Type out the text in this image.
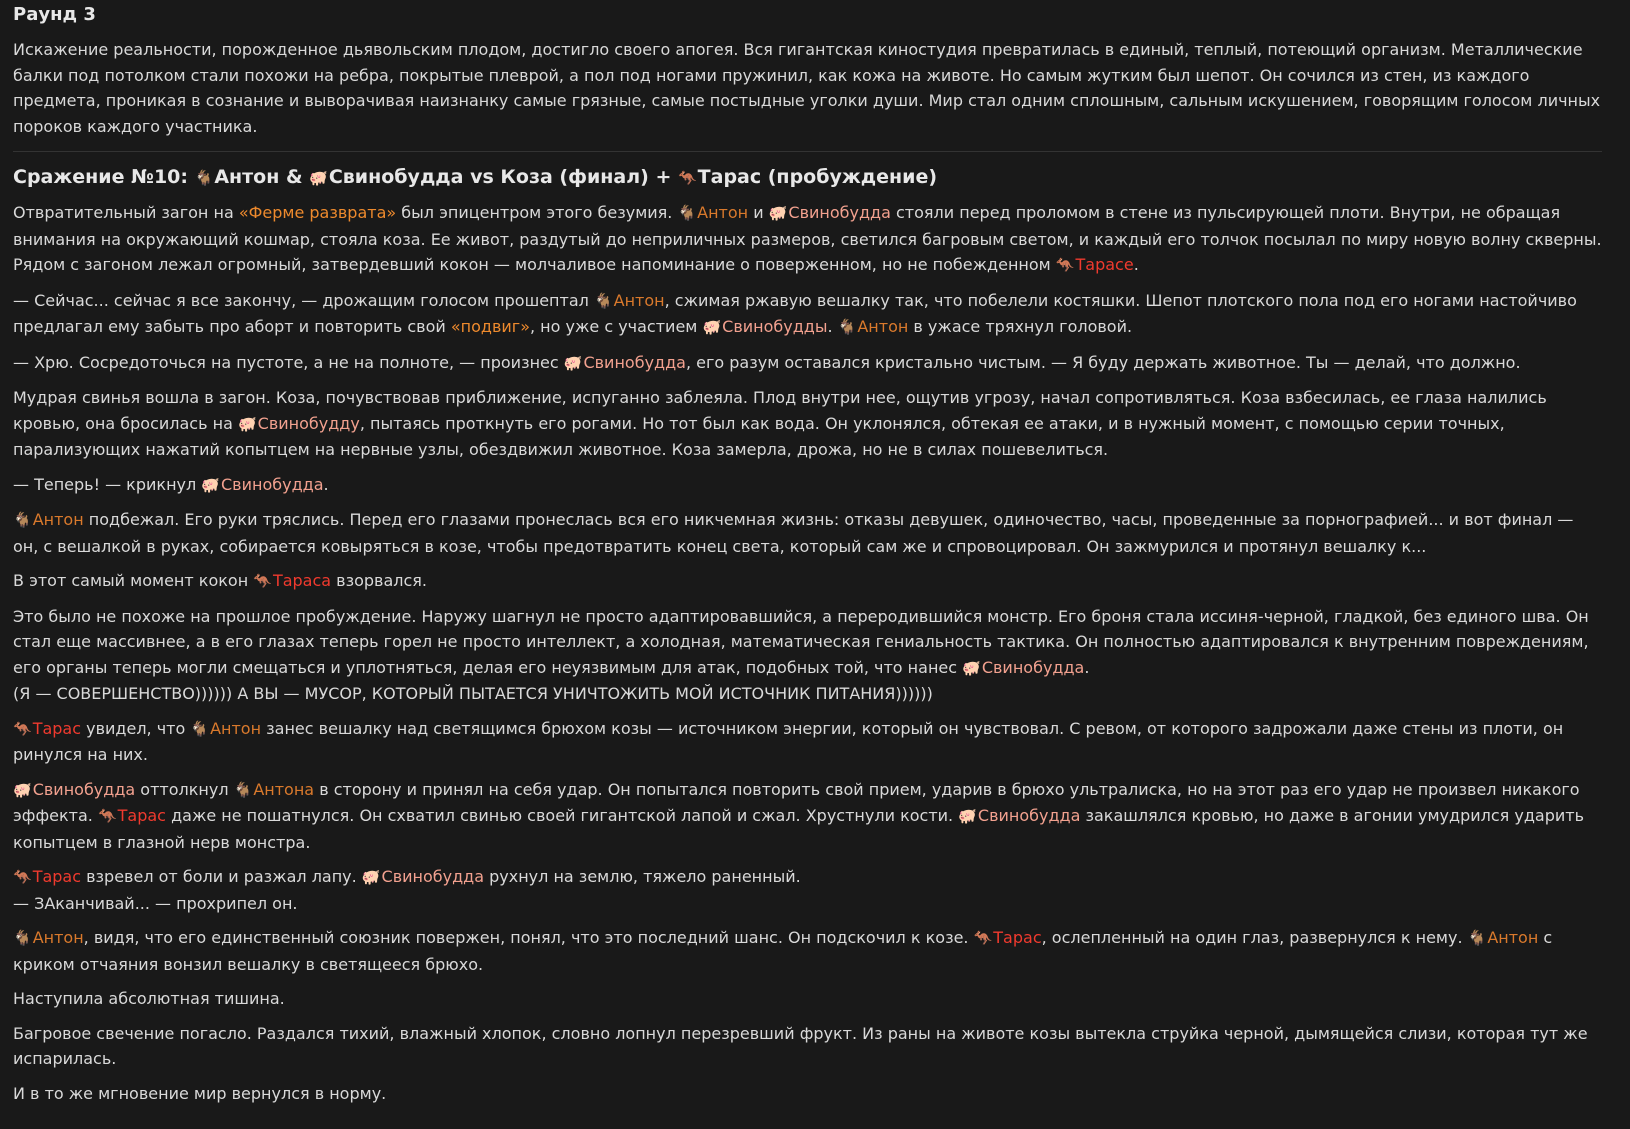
Раунд 3

Искажение реальности, порожденное дьявольским плодом, достигло своего апогея. Вся гигантская киностудия превратилась в единый, теплый, потеющий организм. Металлические балки под потолком стали похожи на ребра, покрытые плеврой, а пол под ногами пружинил, как кожа на животе. Но самым жутким был шепот. Он сочился из стен, из каждого предмета, проникая в сознание и выворачивая наизнанку самые грязные, самые постыдные уголки души. Мир стал одним сплошным, сальным искушением, говорящим голосом личных пороков каждого участника.

Сражение №10: 🐐Антон & 🐖Свинобудда vs Коза (финал) + 🦘Тарас (пробуждение)

Отвратительный загон на «Ферме разврата» был эпицентром этого безумия. 🐐Антон и 🐖Свинобудда стояли перед проломом в стене из пульсирующей плоти. Внутри, не обращая внимания на окружающий кошмар, стояла коза. Ее живот, раздутый до неприличных размеров, светился багровым светом, и каждый его толчок посылал по миру новую волну скверны. Рядом с загоном лежал огромный, затвердевший кокон — молчаливое напоминание о поверженном, но не побежденном 🦘Тарасе.

— Сейчас... сейчас я все закончу, — дрожащим голосом прошептал 🐐Антон, сжимая ржавую вешалку так, что побелели костяшки. Шепот плотского пола под его ногами настойчиво предлагал ему забыть про аборт и повторить свой «подвиг», но уже с участием 🐖Свинобудды. 🐐Антон в ужасе тряхнул головой.

— Хрю. Сосредоточься на пустоте, а не на полноте, — произнес 🐖Свинобудда, его разум оставался кристально чистым. — Я буду держать животное. Ты — делай, что должно.

Мудрая свинья вошла в загон. Коза, почувствовав приближение, испуганно заблеяла. Плод внутри нее, ощутив угрозу, начал сопротивляться. Коза взбесилась, ее глаза налились кровью, она бросилась на 🐖Свинобудду, пытаясь проткнуть его рогами. Но тот был как вода. Он уклонялся, обтекая ее атаки, и в нужный момент, с помощью серии точных, парализующих нажатий копытцем на нервные узлы, обездвижил животное. Коза замерла, дрожа, но не в силах пошевелиться.

— Теперь! — крикнул 🐖Свинобудда.

🐐Антон подбежал. Его руки тряслись. Перед его глазами пронеслась вся его никчемная жизнь: отказы девушек, одиночество, часы, проведенные за порнографией... и вот финал — он, с вешалкой в руках, собирается ковыряться в козе, чтобы предотвратить конец света, который сам же и спровоцировал. Он зажмурился и протянул вешалку к...

В этот самый момент кокон 🦘Тараса взорвался.

Это было не похоже на прошлое пробуждение. Наружу шагнул не просто адаптировавшийся, а переродившийся монстр. Его броня стала иссиня-черной, гладкой, без единого шва. Он стал еще массивнее, а в его глазах теперь горел не просто интеллект, а холодная, математическая гениальность тактика. Он полностью адаптировался к внутренним повреждениям, его органы теперь могли смещаться и уплотняться, делая его неуязвимым для атак, подобных той, что нанес 🐖Свинобудда.
(Я — СОВЕРШЕНСТВО)))))) А ВЫ — МУСОР, КОТОРЫЙ ПЫТАЕТСЯ УНИЧТОЖИТЬ МОЙ ИСТОЧНИК ПИТАНИЯ))))))

🦘Тарас увидел, что 🐐Антон занес вешалку над светящимся брюхом козы — источником энергии, который он чувствовал. С ревом, от которого задрожали даже стены из плоти, он ринулся на них.

🐖Свинобудда оттолкнул 🐐Антона в сторону и принял на себя удар. Он попытался повторить свой прием, ударив в брюхо ультралиска, но на этот раз его удар не произвел никакого эффекта. 🦘Тарас даже не пошатнулся. Он схватил свинью своей гигантской лапой и сжал. Хрустнули кости. 🐖Свинобудда закашлялся кровью, но даже в агонии умудрился ударить копытцем в глазной нерв монстра.

🦘Тарас взревел от боли и разжал лапу. 🐖Свинобудда рухнул на землю, тяжело раненный.
— ЗАканчивай... — прохрипел он.

🐐Антон, видя, что его единственный союзник повержен, понял, что это последний шанс. Он подскочил к козе. 🦘Тарас, ослепленный на один глаз, развернулся к нему. 🐐Антон с криком отчаяния вонзил вешалку в светящееся брюхо.

Наступила абсолютная тишина.

Багровое свечение погасло. Раздался тихий, влажный хлопок, словно лопнул перезревший фрукт. Из раны на животе козы вытекла струйка черной, дымящейся слизи, которая тут же испарилась.

И в то же мгновение мир вернулся в норму.
